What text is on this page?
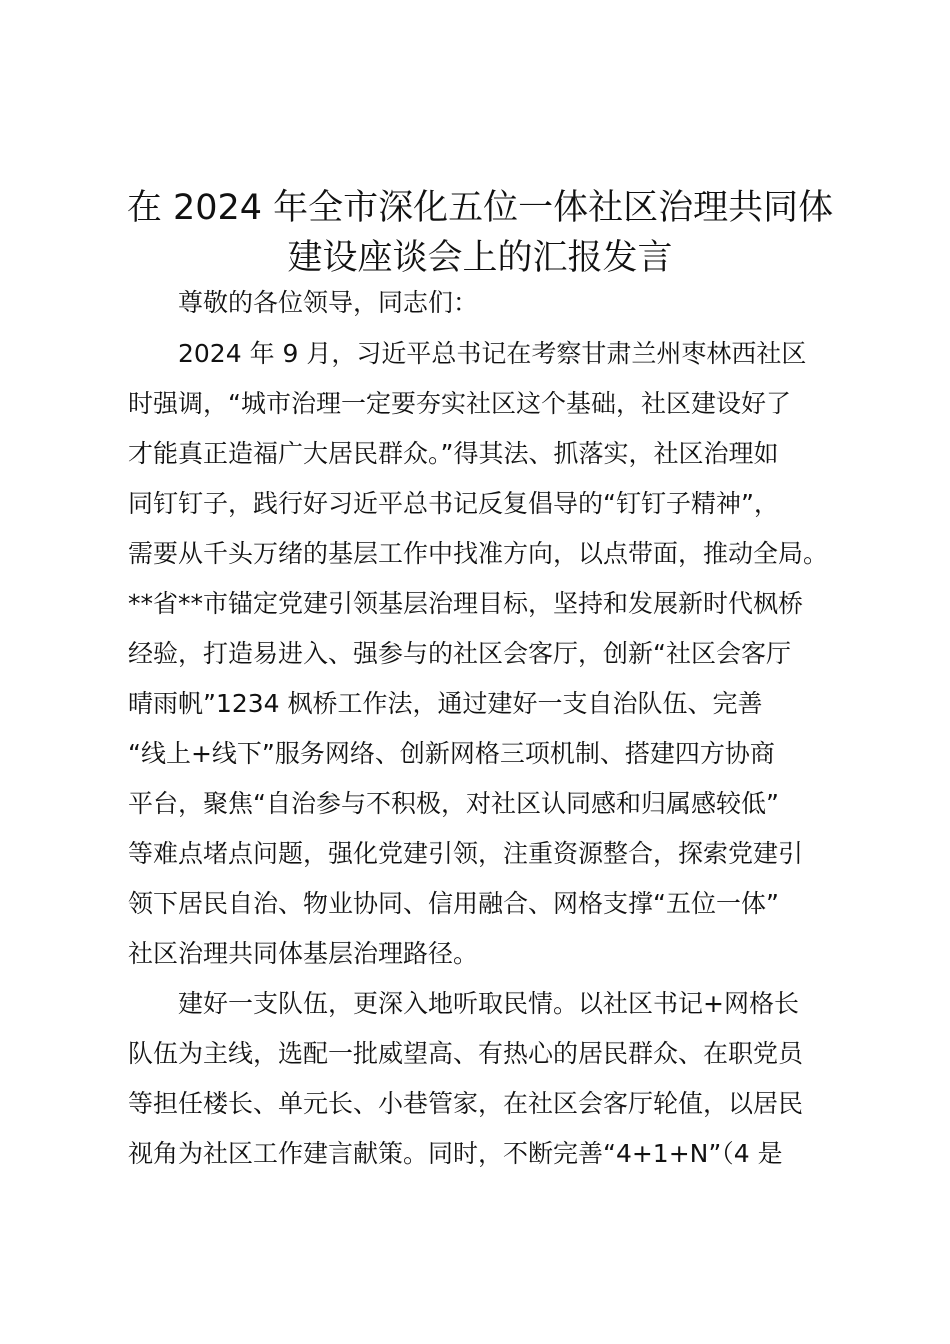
在 2024 年全市深化五位一体社区治理共同体
建设座谈会上的汇报发言
尊敬的各位领导，同志们：
2024 年 9 月，习近平总书记在考察甘肃兰州枣林西社区
时强调，“城市治理一定要夯实社区这个基础，社区建设好了
才能真正造福广大居民群众。”得其法、抓落实，社区治理如
同钉钉子，践行好习近平总书记反复倡导的“钉钉子精神”，
需要从千头万绪的基层工作中找准方向，以点带面，推动全局。
**省**市锚定党建引领基层治理目标，坚持和发展新时代枫桥
经验，打造易进入、强参与的社区会客厅，创新“社区会客厅
晴雨帆”1234 枫桥工作法，通过建好一支自治队伍、完善
“线上+线下”服务网络、创新网格三项机制、搭建四方协商
平台，聚焦“自治参与不积极，对社区认同感和归属感较低”
等难点堵点问题，强化党建引领，注重资源整合，探索党建引
领下居民自治、物业协同、信用融合、网格支撑“五位一体”
社区治理共同体基层治理路径。
建好一支队伍，更深入地听取民情。以社区书记+网格长
队伍为主线，选配一批威望高、有热心的居民群众、在职党员
等担任楼长、单元长、小巷管家，在社区会客厅轮值，以居民
视角为社区工作建言献策。同时，不断完善“4+1+N”（4 是
